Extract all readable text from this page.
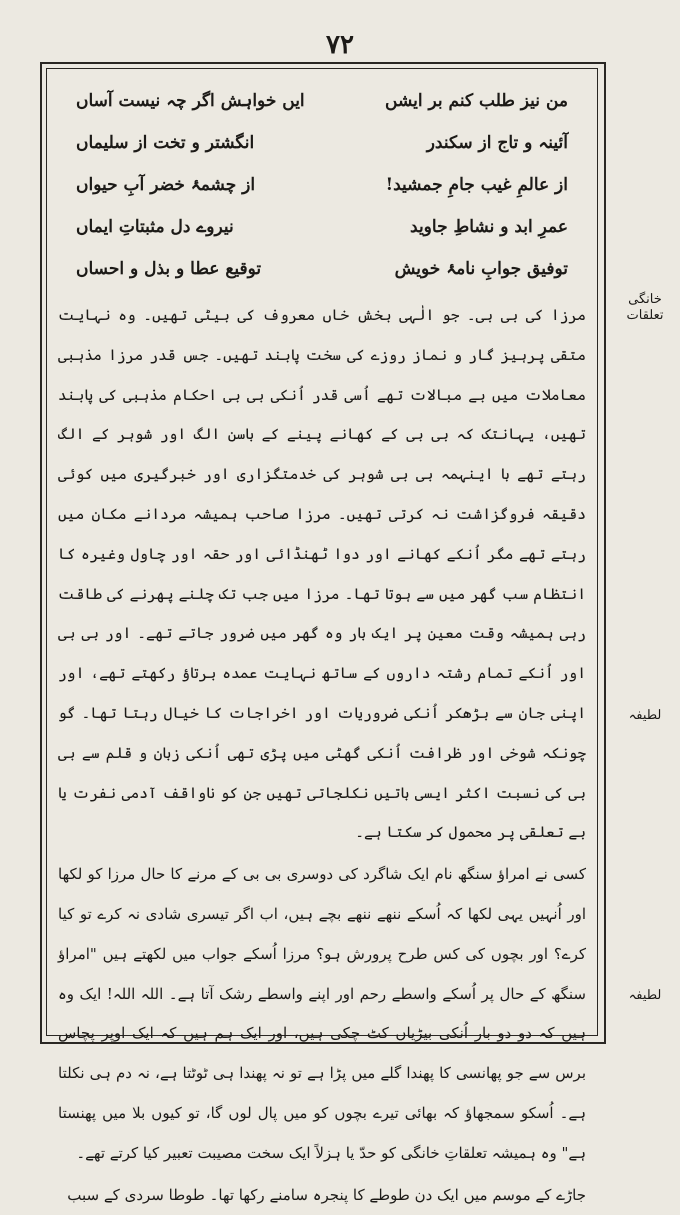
۷۲
من نیز طلب کنم بر ایشں
ایں خواہش اگر چہ نیست آساں
آئینہ و تاج از سکندر
انگشتر و تخت از سلیماں
از عالمِ غیب جامِ جمشید!
از چشمۂ خضر آبِ حیواں
عمرِ ابد و نشاطِ جاوید
نیروے دل مثبتاتِ ایماں
توفیق جوابِ نامۂ خویش
توقیع عطا و بذل و احساں

مرزا کی بی بی۔ جو الٰہی بخش خاں معروف کی بیٹی تھیں۔ وہ نہایت متقی پرہیز گار و نماز روزے کی سخت پابند تھیں۔ جس قدر مرزا مذہبی معاملات میں بے مبالات تھے اُسی قدر اُنکی بی بی احکام مذہبی کی پابند تھیں، یہانتک کہ بی بی کے کھانے پینے کے باسن الگ اور شوہر کے الگ رہتے تھے با اینہمہ بی بی شوہر کی خدمتگزاری اور خبرگیری میں کوئی دقیقہ فروگزاشت نہ کرتی تھیں۔ مرزا صاحب ہمیشہ مردانے مکان میں رہتے تھے مگر اُنکے کھانے اور دوا ٹھنڈائی اور حقہ اور چاول وغیرہ کا انتظام سب گھر میں سے ہوتا تھا۔ مرزا میں جب تک چلنے پھرنے کی طاقت رہی ہمیشہ وقت معین پر ایک بار وہ گھر میں ضرور جاتے تھے۔ اور بی بی اور اُنکے تمام رشتہ داروں کے ساتھ نہایت عمدہ برتاؤ رکھتے تھے، اور اپنی جان سے بڑھکر اُنکی ضروریات اور اخراجات کا خیال رہتا تھا۔ گو چونکہ شوخی اور ظرافت اُنکی گھٹی میں پڑی تھی اُنکی زبان و قلم سے بی بی کی نسبت اکثر ایسی باتیں نکلجاتی تھیں جن کو ناواقف آدمی نفرت یا بے تعلقی پر محمول کر سکتا ہے۔

کسی نے امراؤ سنگھ نام ایک شاگرد کی دوسری بی بی کے مرنے کا حال مرزا کو لکھا اور اُنہیں یہی لکھا کہ اُسکے ننھے ننھے بچے ہیں، اب اگر تیسری شادی نہ کرے تو کیا کرے؟ اور بچوں کی کس طرح پرورش ہو؟ مرزا اُسکے جواب میں لکھتے ہیں "امراؤ سنگھ کے حال پر اُسکے واسطے رحم اور اپنے واسطے رشک آتا ہے۔ اللہ اللہ! ایک وہ ہیں کہ دو دو بار اُنکی بیڑیاں کٹ چکی ہیں، اور ایک ہم ہیں کہ ایک اوپر پچاس برس سے جو پھانسی کا پھندا گلے میں پڑا ہے تو نہ پھندا ہی ٹوٹتا ہے، نہ دم ہی نکلتا ہے۔ اُسکو سمجھاؤ کہ بھائی تیرے بچوں کو میں پال لوں گا، تو کیوں بلا میں پھنستا ہے" وہ ہمیشہ تعلقاتِ خانگی کو حدّ یا ہزلاً ایک سخت مصیبت تعبیر کیا کرتے تھے۔

جاڑے کے موسم میں ایک دن طوطے کا پنجرہ سامنے رکھا تھا۔ طوطا سردی کے سبب

خانگی تعلقات
لطیفہ
لطیفہ
